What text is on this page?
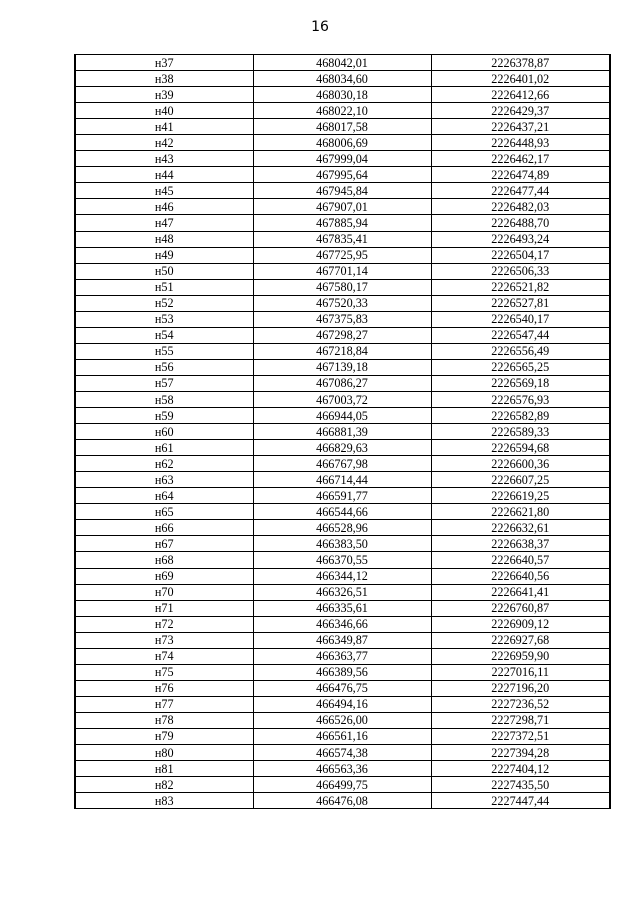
16
н37	468042,01	2226378,87
н38	468034,60	2226401,02
н39	468030,18	2226412,66
н40	468022,10	2226429,37
н41	468017,58	2226437,21
н42	468006,69	2226448,93
н43	467999,04	2226462,17
н44	467995,64	2226474,89
н45	467945,84	2226477,44
н46	467907,01	2226482,03
н47	467885,94	2226488,70
н48	467835,41	2226493,24
н49	467725,95	2226504,17
н50	467701,14	2226506,33
н51	467580,17	2226521,82
н52	467520,33	2226527,81
н53	467375,83	2226540,17
н54	467298,27	2226547,44
н55	467218,84	2226556,49
н56	467139,18	2226565,25
н57	467086,27	2226569,18
н58	467003,72	2226576,93
н59	466944,05	2226582,89
н60	466881,39	2226589,33
н61	466829,63	2226594,68
н62	466767,98	2226600,36
н63	466714,44	2226607,25
н64	466591,77	2226619,25
н65	466544,66	2226621,80
н66	466528,96	2226632,61
н67	466383,50	2226638,37
н68	466370,55	2226640,57
н69	466344,12	2226640,56
н70	466326,51	2226641,41
н71	466335,61	2226760,87
н72	466346,66	2226909,12
н73	466349,87	2226927,68
н74	466363,77	2226959,90
н75	466389,56	2227016,11
н76	466476,75	2227196,20
н77	466494,16	2227236,52
н78	466526,00	2227298,71
н79	466561,16	2227372,51
н80	466574,38	2227394,28
н81	466563,36	2227404,12
н82	466499,75	2227435,50
н83	466476,08	2227447,44
